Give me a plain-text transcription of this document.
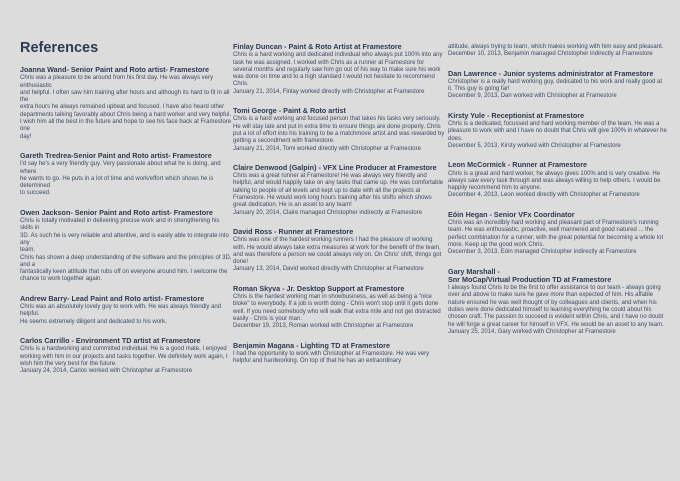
References
Joanna Wand- Senior Paint and Roto artist- Framestore
Chris was a pleasure to be around from his first day. He was always very enthusiastic
and helpful. I often saw him training after hours and although its hard to fit in all the
extra hours he always remained upbeat and focused. I have also heard other
departments talking favorably about Chris being a hard worker and very helpful.
I wish him all the best in the future and hope to see his face back at Framestore one
day!
Gareth Tredrea-Senior Paint and Roto artist- Framestore
I'd say he's a very friendly guy. Very passionate about what he is doing, and where
he wants to go. He puts in a lot of time and work/effort which shows he is determined
to succeed.
Owen Jackson- Senior Paint and Roto artist- Framestore
Chris is totally motivated in delivering precise work and in strengthening his skills in
3D. As such he is very reliable and attentive, and is easily able to integrate into any
team.
Chris has shown a deep understanding of the software and the principles of 3D, and a
fantastically keen attitude that rubs off on everyone around him. I welcome the
chance to work together again.
Andrew Barry- Lead Paint and Roto artist- Framestore
Chris was an absolutely lovely guy to work with. He was always friendly and helpful.
He seems extremely diligent and dedicated to his work.
Carlos Carrillo - Environment TD artist at Framestore
Chris is a hardworking and committed individual. He is a good mate, I enjoyed working with him in our projects and tasks together. We definitely work again, I wish him the very best for the future.
January 24, 2014, Carlos worked with Christopher at Framestore
Finlay Duncan - Paint & Roto Artist at Framestore
Chris is a hard working and dedicated individual who always put 100% into any task he was assigned. I worked with Chris as a runner at Framestore for several months and regularly saw him go out of his way to make sure his work was done on time and to a high standard I would not hesitate to recommend Chris.
January 21, 2014, Finlay worked directly with Christopher at Framestore
Tomi George - Paint & Roto artist
Chris is a hard working and focused person that takes his tasks very seriously. He will stay late and put in extra time to ensure things are done properly. Chris put a lot of effort into his training to be a matchmove artist and was rewarded by getting a secondment with framestore.
January 21, 2014, Tomi worked directly with Christopher at Framestore
Claire Denwood (Galpin) - VFX Line Producer at Framestore
Chris was a great runner at Framestore! He was always very friendly and helpful, and would happily take on any tasks that came up. He was comfortable talking to people of all levels and kept up to date with all the projects at Framestore. He would work long hours training after his shifts which shows great dedication. He is an asset to any team!
January 20, 2014, Claire managed Christopher indirectly at Framestore
David Ross - Runner at Framestore
Chris was one of the hardest working runners I had the pleasure of working with. He would always take extra measures at work for the benefit of the team, and was therefore a person we could always rely on. On Chris' shift, things got done!
January 13, 2014, David worked directly with Christopher at Framestore
Roman Skyva - Jr. Desktop Support at Framestore
Chris is the hardest working man in showbusiness, as well as being a "nice bloke" to everybody. If a job is worth doing - Chris won't stop until it gets done well. If you need somebody who will walk that extra mile and not get distracted easily - Chris is your man.
December 19, 2013, Roman worked with Christopher at Framestore
Benjamin Magana - Lighting TD at Framestore
I had the opportunity to work with Christopher at Framestore. He was very helpful and hardworking. On top of that he has an extraordinary
attitude, always trying to learn, which makes working with him easy and pleasant.
December 10, 2013, Benjamin managed Christopher indirectly at Framestore
Dan Lawrence - Junior systems administrator at Framestore
Christopher is a really hard working guy, dedicated to his work and really good at it. This guy is going far!
December 9, 2013, Dan worked with Christopher at Framestore
Kirsty Yule - Receptionist at Framestore
Chris is a dedicated, focussed and hard working member of the team. He was a pleasure to work with and I have no doubt that Chris will give 100% in whatever he does.
December 5, 2013, Kirsty worked with Christopher at Framestore
Leon McCormick - Runner at Framestore
Chris is a great and hard worker, he always gives 100% and is very creative. He always saw every task through and was always willing to help others. I would be happily recommend him to anyone.
December 4, 2013, Leon worked directly with Christopher at Framestore
Eóin Hegan - Senior VFx Coordinator
Chris was an incredibly hard working and pleasant part of Framestore's running team. He was enthusiastic, proactive, well mannered and good natured ... the perfect combination for a runner, with the great potential for becoming a whole lot more. Keep up the good work Chris.
December 3, 2013, Eóin managed Christopher indirectly at Framestore
Gary Marshall -
Snr MoCap/Virtual Production TD at Framestore
I always found Chris to be the first to offer assistance to our team - always going over and above to make sure he gave more than expected of him. His affable nature ensured he was well thought of by colleagues and clients, and when his duties were done dedicated himself to learning everything he could about his chosen craft. The passion to succeed is evident within Chris, and I have no doubt he will forge a great career for himself in VFX. He would be an asset to any team.
January 25, 2014, Gary worked with Christopher at Framestore
